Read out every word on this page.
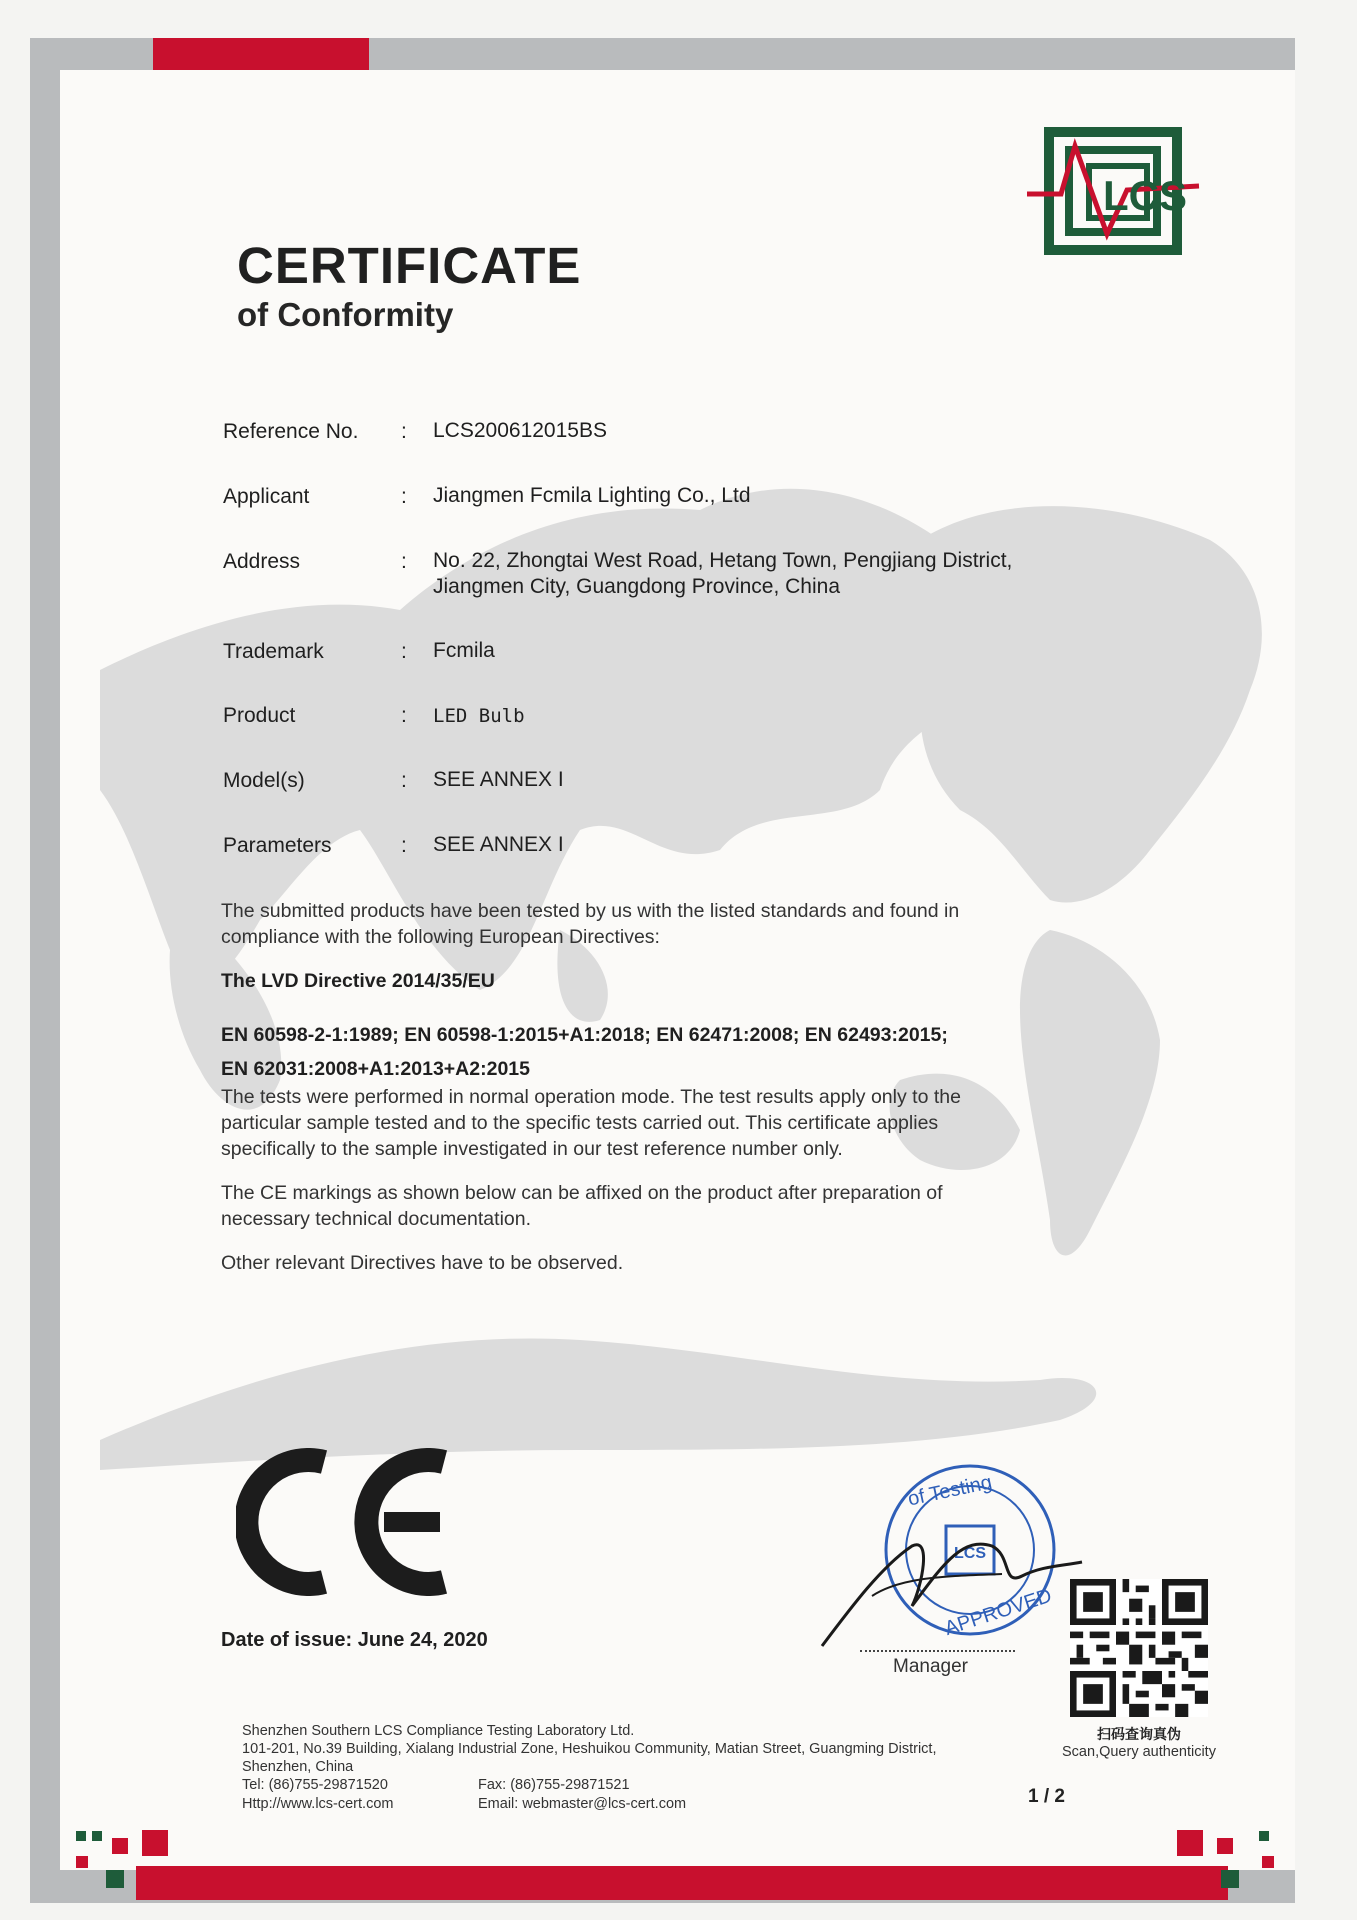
LCS
CERTIFICATE
of Conformity
Reference No. : LCS200612015BS
Applicant	: Jiangmen Fcmila Lighting Co., Ltd
Address	: No. 22, Zhongtai West Road, Hetang Town, Pengjiang District,
Jiangmen City, Guangdong Province, China
Trademark	: Fcmila
Product	: LED Bulb
Model(s)	: SEE ANNEX I
Parameters	: SEE ANNEX I
The submitted products have been tested by us with the listed standards and found in
compliance with the following European Directives:
The LVD Directive 2014/35/EU
EN 60598-2-1:1989; EN 60598-1:2015+A1:2018; EN 62471:2008; EN 62493:2015;
EN 62031:2008+A1:2013+A2:2015
The tests were performed in normal operation mode. The test results apply only to the
particular sample tested and to the specific tests carried out. This certificate applies
specifically to the sample investigated in our test reference number only.
The CE markings as shown below can be affixed on the product after preparation of
necessary technical documentation.
Other relevant Directives have to be observed.
CE
Date of issue: June 24, 2020
LCS
of Testing
APPROVED
Manager
扫码查询真伪
Scan,Query authenticity
Shenzhen Southern LCS Compliance Testing Laboratory Ltd.
101-201, No.39 Building, Xialang Industrial Zone, Heshuikou Community, Matian Street, Guangming District,
Shenzhen, China
Tel: (86)755-29871520	Fax: (86)755-29871521
Http://www.lcs-cert.com	Email: webmaster@lcs-cert.com	1 / 2
